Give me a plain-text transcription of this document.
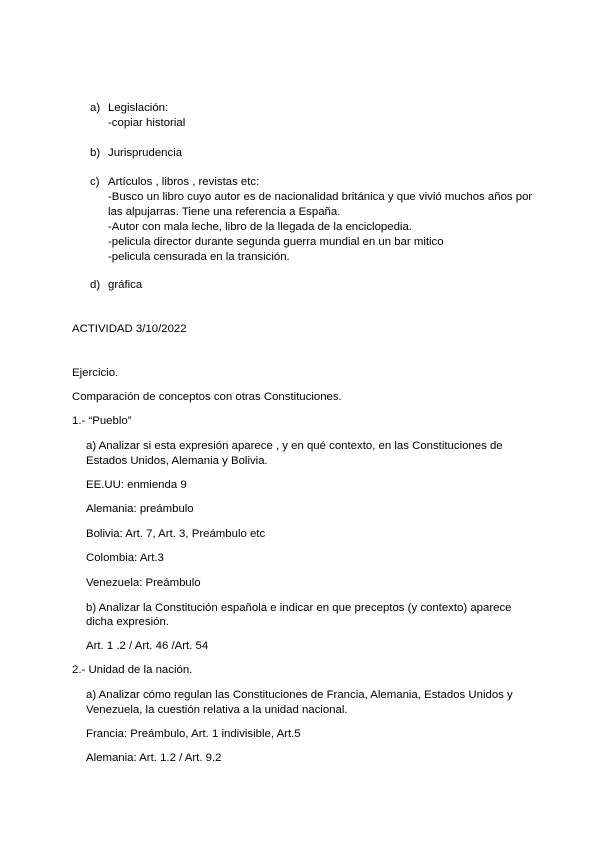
a) Legislación:
-copiar historial
b) Jurisprudencia
c) Artículos , libros , revistas etc:
-Busco un libro cuyo autor es de nacionalidad británica y que vivió muchos años por
las alpujarras. Tiene una referencia a España.
-Autor con mala leche, libro de la llegada de la enciclopedia.
-pelicula director durante segunda guerra mundial en un bar mitico
-pelicula censurada en la transición.
d) gráfica
ACTIVIDAD 3/10/2022
Ejercicio.
Comparación de conceptos con otras Constituciones.
1.- “Pueblo”
a) Analizar si esta expresión aparece , y en qué contexto, en las Constituciones de
Estados Unidos, Alemania y Bolivia.
EE.UU: enmienda 9
Alemania: preámbulo
Bolivia: Art. 7, Art. 3, Preámbulo etc
Colombia: Art.3
Venezuela: Preámbulo
b) Analizar la Constitución española e indicar en que preceptos (y contexto) aparece
dicha expresión.
Art. 1 .2 / Art. 46 /Art. 54
2.- Unidad de la nación.
a) Analizar cómo regulan las Constituciones de Francia, Alemania, Estados Unidos y
Venezuela, la cuestión relativa a la unidad nacional.
Francia: Preámbulo, Art. 1 indivisible, Art.5
Alemania: Art. 1.2 / Art. 9.2
